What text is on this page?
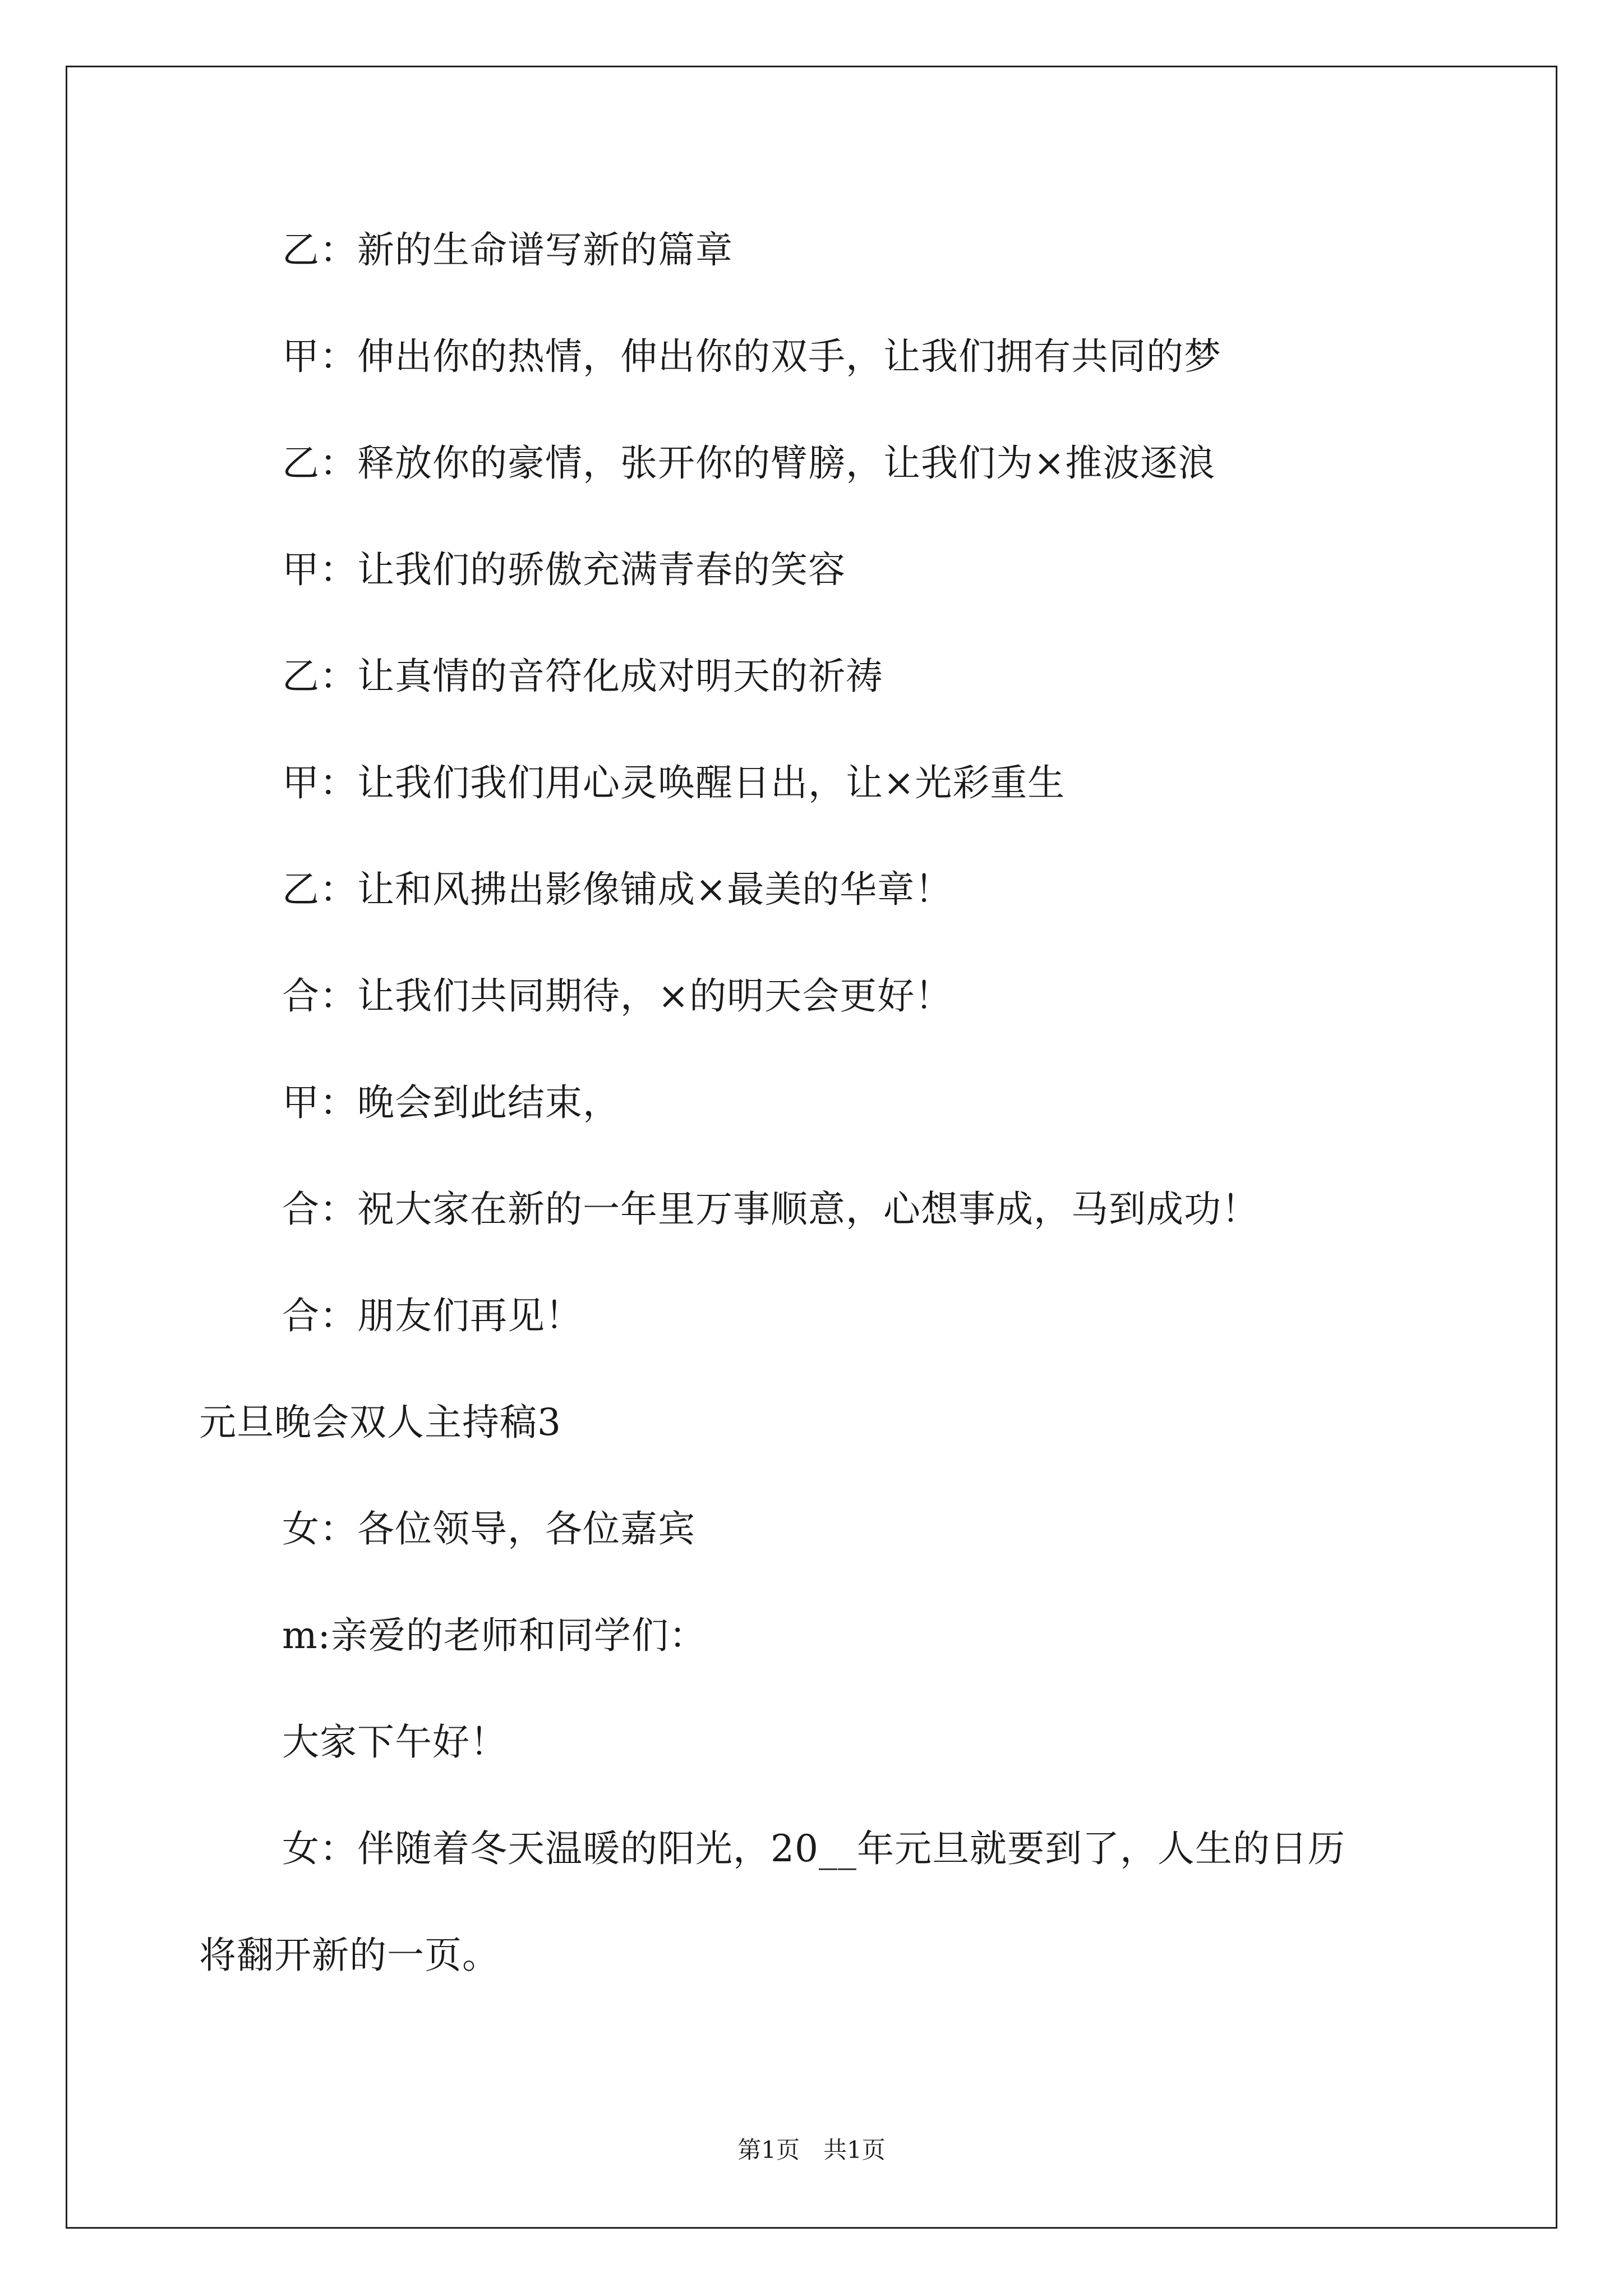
乙：新的生命谱写新的篇章
甲：伸出你的热情，伸出你的双手，让我们拥有共同的梦
乙：释放你的豪情，张开你的臂膀，让我们为×推波逐浪
甲：让我们的骄傲充满青春的笑容
乙：让真情的音符化成对明天的祈祷
甲：让我们我们用心灵唤醒日出，让×光彩重生
乙：让和风拂出影像铺成×最美的华章！
合：让我们共同期待，×的明天会更好！
甲：晚会到此结束，
合：祝大家在新的一年里万事顺意，心想事成，马到成功！
合：朋友们再见！
元旦晚会双人主持稿3
女：各位领导，各位嘉宾
m:亲爱的老师和同学们：
大家下午好！
女：伴随着冬天温暖的阳光，20__年元旦就要到了，人生的日历
将翻开新的一页。
第1页　共1页
